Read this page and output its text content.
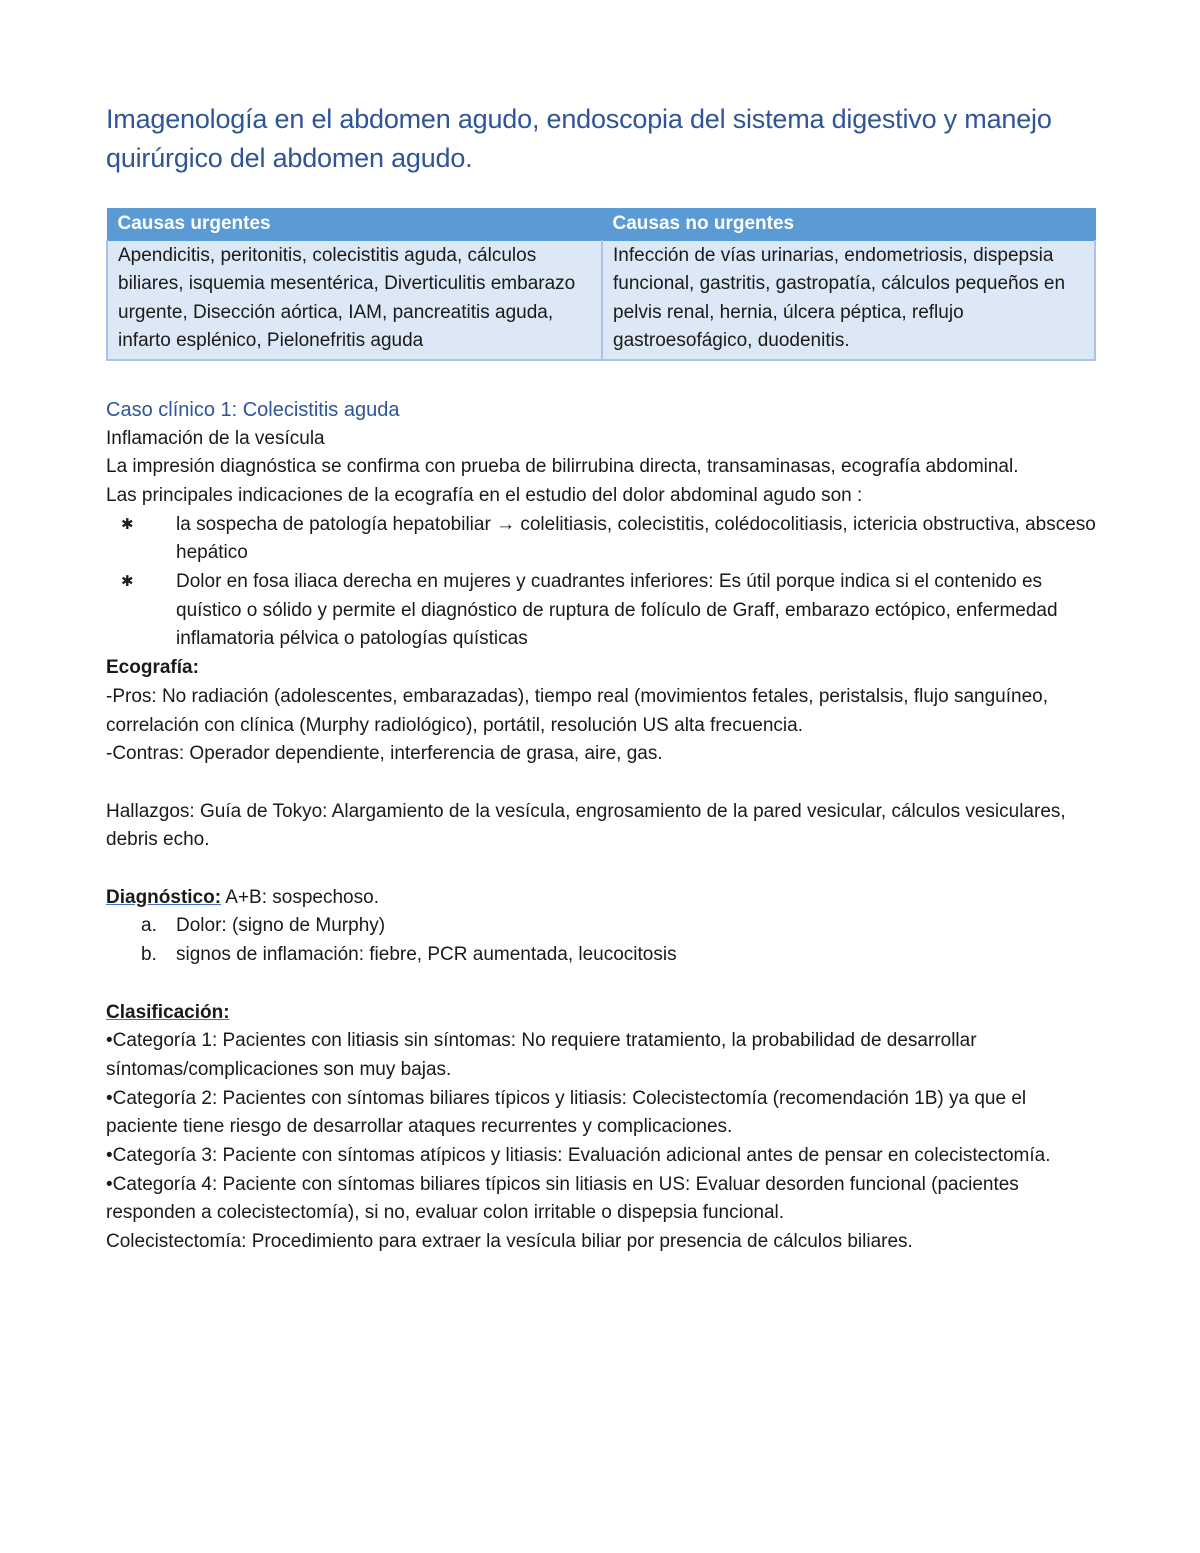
Imagenología en el abdomen agudo, endoscopia del sistema digestivo y manejo quirúrgico del abdomen agudo.
Causas urgentes	Causas no urgentes
Apendicitis, peritonitis, colecistitis aguda, cálculos biliares, isquemia mesentérica, Diverticulitis embarazo urgente, Disección aórtica, IAM, pancreatitis aguda, infarto esplénico, Pielonefritis aguda	Infección de vías urinarias, endometriosis, dispepsia funcional, gastritis, gastropatía, cálculos pequeños en pelvis renal, hernia, úlcera péptica, reflujo gastroesofágico, duodenitis.

Caso clínico 1: Colecistitis aguda

Inflamación de la vesícula

La impresión diagnóstica se confirma con prueba de bilirrubina directa, transaminasas, ecografía abdominal.

Las principales indicaciones de la ecografía en el estudio del dolor abdominal agudo son :

✱ la sospecha de patología hepatobiliar → colelitiasis, colecistitis, colédocolitiasis, ictericia obstructiva, absceso hepático
✱ Dolor en fosa iliaca derecha en mujeres y cuadrantes inferiores: Es útil porque indica si el contenido es quístico o sólido y permite el diagnóstico de ruptura de folículo de Graff, embarazo ectópico, enfermedad inflamatoria pélvica o patologías quísticas

Ecografía:

-Pros: No radiación (adolescentes, embarazadas), tiempo real (movimientos fetales, peristalsis, flujo sanguíneo, correlación con clínica (Murphy radiológico), portátil, resolución US alta frecuencia.

-Contras: Operador dependiente, interferencia de grasa, aire, gas.

Hallazgos: Guía de Tokyo: Alargamiento de la vesícula, engrosamiento de la pared vesicular, cálculos vesiculares, debris echo.

Diagnóstico: A+B: sospechoso.

a. Dolor: (signo de Murphy)
b. signos de inflamación: fiebre, PCR aumentada, leucocitosis

Clasificación:

•Categoría 1: Pacientes con litiasis sin síntomas: No requiere tratamiento, la probabilidad de desarrollar síntomas/complicaciones son muy bajas.

•Categoría 2: Pacientes con síntomas biliares típicos y litiasis: Colecistectomía (recomendación 1B) ya que el paciente tiene riesgo de desarrollar ataques recurrentes y complicaciones.

•Categoría 3: Paciente con síntomas atípicos y litiasis: Evaluación adicional antes de pensar en colecistectomía.

•Categoría 4: Paciente con síntomas biliares típicos sin litiasis en US: Evaluar desorden funcional (pacientes responden a colecistectomía), si no, evaluar colon irritable o dispepsia funcional.

Colecistectomía: Procedimiento para extraer la vesícula biliar por presencia de cálculos biliares.
